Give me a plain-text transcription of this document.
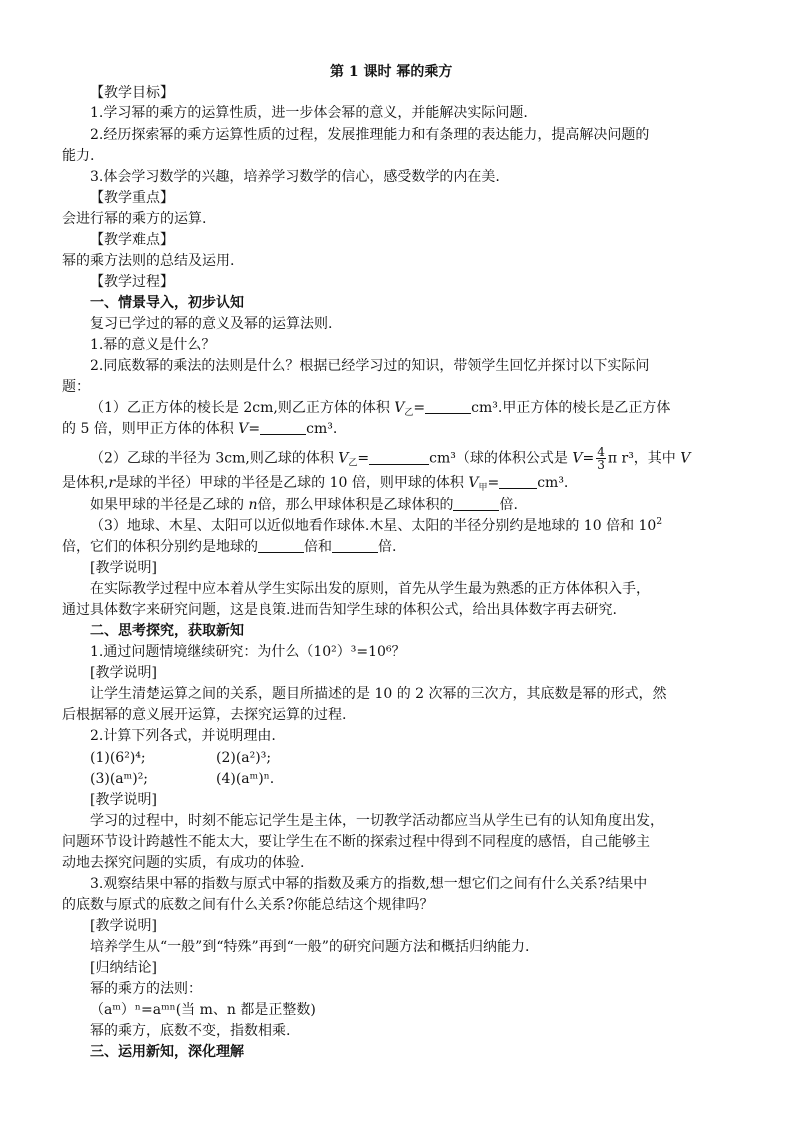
第 1 课时 幂的乘方
【教学目标】
1.学习幂的乘方的运算性质，进一步体会幂的意义，并能解决实际问题.
2.经历探索幂的乘方运算性质的过程，发展推理能力和有条理的表达能力，提高解决问题的
能力.
3.体会学习数学的兴趣，培养学习数学的信心，感受数学的内在美.
【教学重点】
会进行幂的乘方的运算.
【教学难点】
幂的乘方法则的总结及运用.
【教学过程】
一、情景导入，初步认知
复习已学过的幂的意义及幂的运算法则.
1.幂的意义是什么？
2.同底数幂的乘法的法则是什么？根据已经学习过的知识，带领学生回忆并探讨以下实际问
题：
（1）乙正方体的棱长是 2cm,则乙正方体的体积 $V_乙=$	cm³.甲正方体的棱长是乙正方体
的 5 倍，则甲正方体的体积 V=	cm³.
（2）乙球的半径为 3cm,则乙球的体积 $V_乙=$	cm³（球的体积公式是 $V= \frac{4}{3}$ π r³，其中 V
是体积,r是球的半径）甲球的半径是乙球的 10 倍，则甲球的体积 $V_甲=$	cm³.
如果甲球的半径是乙球的 n倍，那么甲球体积是乙球体积的	倍.
（3）地球、木星、太阳可以近似地看作球体.木星、太阳的半径分别约是地球的 10 倍和 $10^2$
倍，它们的体积分别约是地球的	倍和	倍.
[教学说明]
在实际教学过程中应本着从学生实际出发的原则，首先从学生最为熟悉的正方体体积入手，
通过具体数字来研究问题，这是良策.进而告知学生球的体积公式，给出具体数字再去研究.
二、思考探究，获取新知
1.通过问题情境继续研究：为什么（10²）³=10⁶？
[教学说明]
让学生清楚运算之间的关系，题目所描述的是 10 的 2 次幂的三次方，其底数是幂的形式，然
后根据幂的意义展开运算，去探究运算的过程.
2.计算下列各式，并说明理由.
(1)(6²)⁴;	(2)(a²)³;
(3)(aᵐ)²;	(4)(aᵐ)ⁿ.
[教学说明]
学习的过程中，时刻不能忘记学生是主体，一切教学活动都应当从学生已有的认知角度出发，
问题环节设计跨越性不能太大，要让学生在不断的探索过程中得到不同程度的感悟，自己能够主
动地去探究问题的实质，有成功的体验.
3.观察结果中幂的指数与原式中幂的指数及乘方的指数,想一想它们之间有什么关系?结果中
的底数与原式的底数之间有什么关系?你能总结这个规律吗？
[教学说明]
培养学生从“一般”到“特殊”再到“一般”的研究问题方法和概括归纳能力.
[归纳结论]
幂的乘方的法则：
（aᵐ）ⁿ=aᵐⁿ(当 m、n 都是正整数)
幂的乘方，底数不变，指数相乘.
三、运用新知，深化理解
